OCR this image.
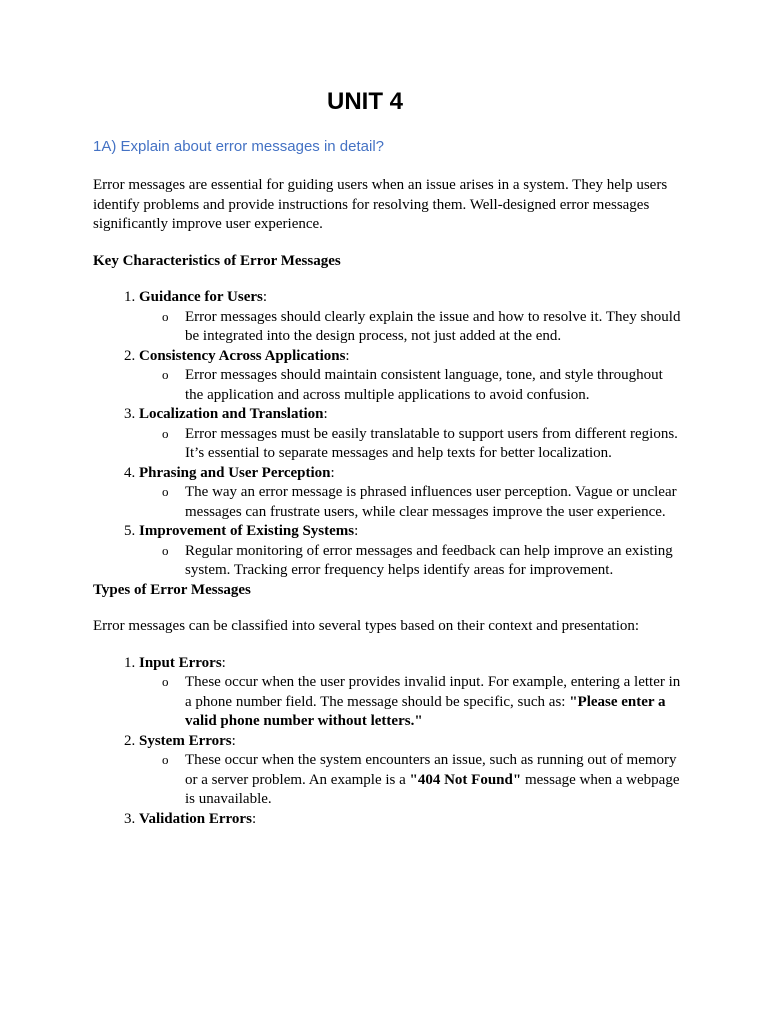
UNIT 4
1A) Explain about error messages in detail?

Error messages are essential for guiding users when an issue arises in a system. They help users identify problems and provide instructions for resolving them. Well-designed error messages significantly improve user experience.

Key Characteristics of Error Messages

1. Guidance for Users:
o Error messages should clearly explain the issue and how to resolve it. They should be integrated into the design process, not just added at the end.
2. Consistency Across Applications:
o Error messages should maintain consistent language, tone, and style throughout the application and across multiple applications to avoid confusion.
3. Localization and Translation:
o Error messages must be easily translatable to support users from different regions. It’s essential to separate messages and help texts for better localization.
4. Phrasing and User Perception:
o The way an error message is phrased influences user perception. Vague or unclear messages can frustrate users, while clear messages improve the user experience.
5. Improvement of Existing Systems:
o Regular monitoring of error messages and feedback can help improve an existing system. Tracking error frequency helps identify areas for improvement.

Types of Error Messages

Error messages can be classified into several types based on their context and presentation:

1. Input Errors:
o These occur when the user provides invalid input. For example, entering a letter in a phone number field. The message should be specific, such as: "Please enter a valid phone number without letters."
2. System Errors:
o These occur when the system encounters an issue, such as running out of memory or a server problem. An example is a "404 Not Found" message when a webpage is unavailable.
3. Validation Errors:
